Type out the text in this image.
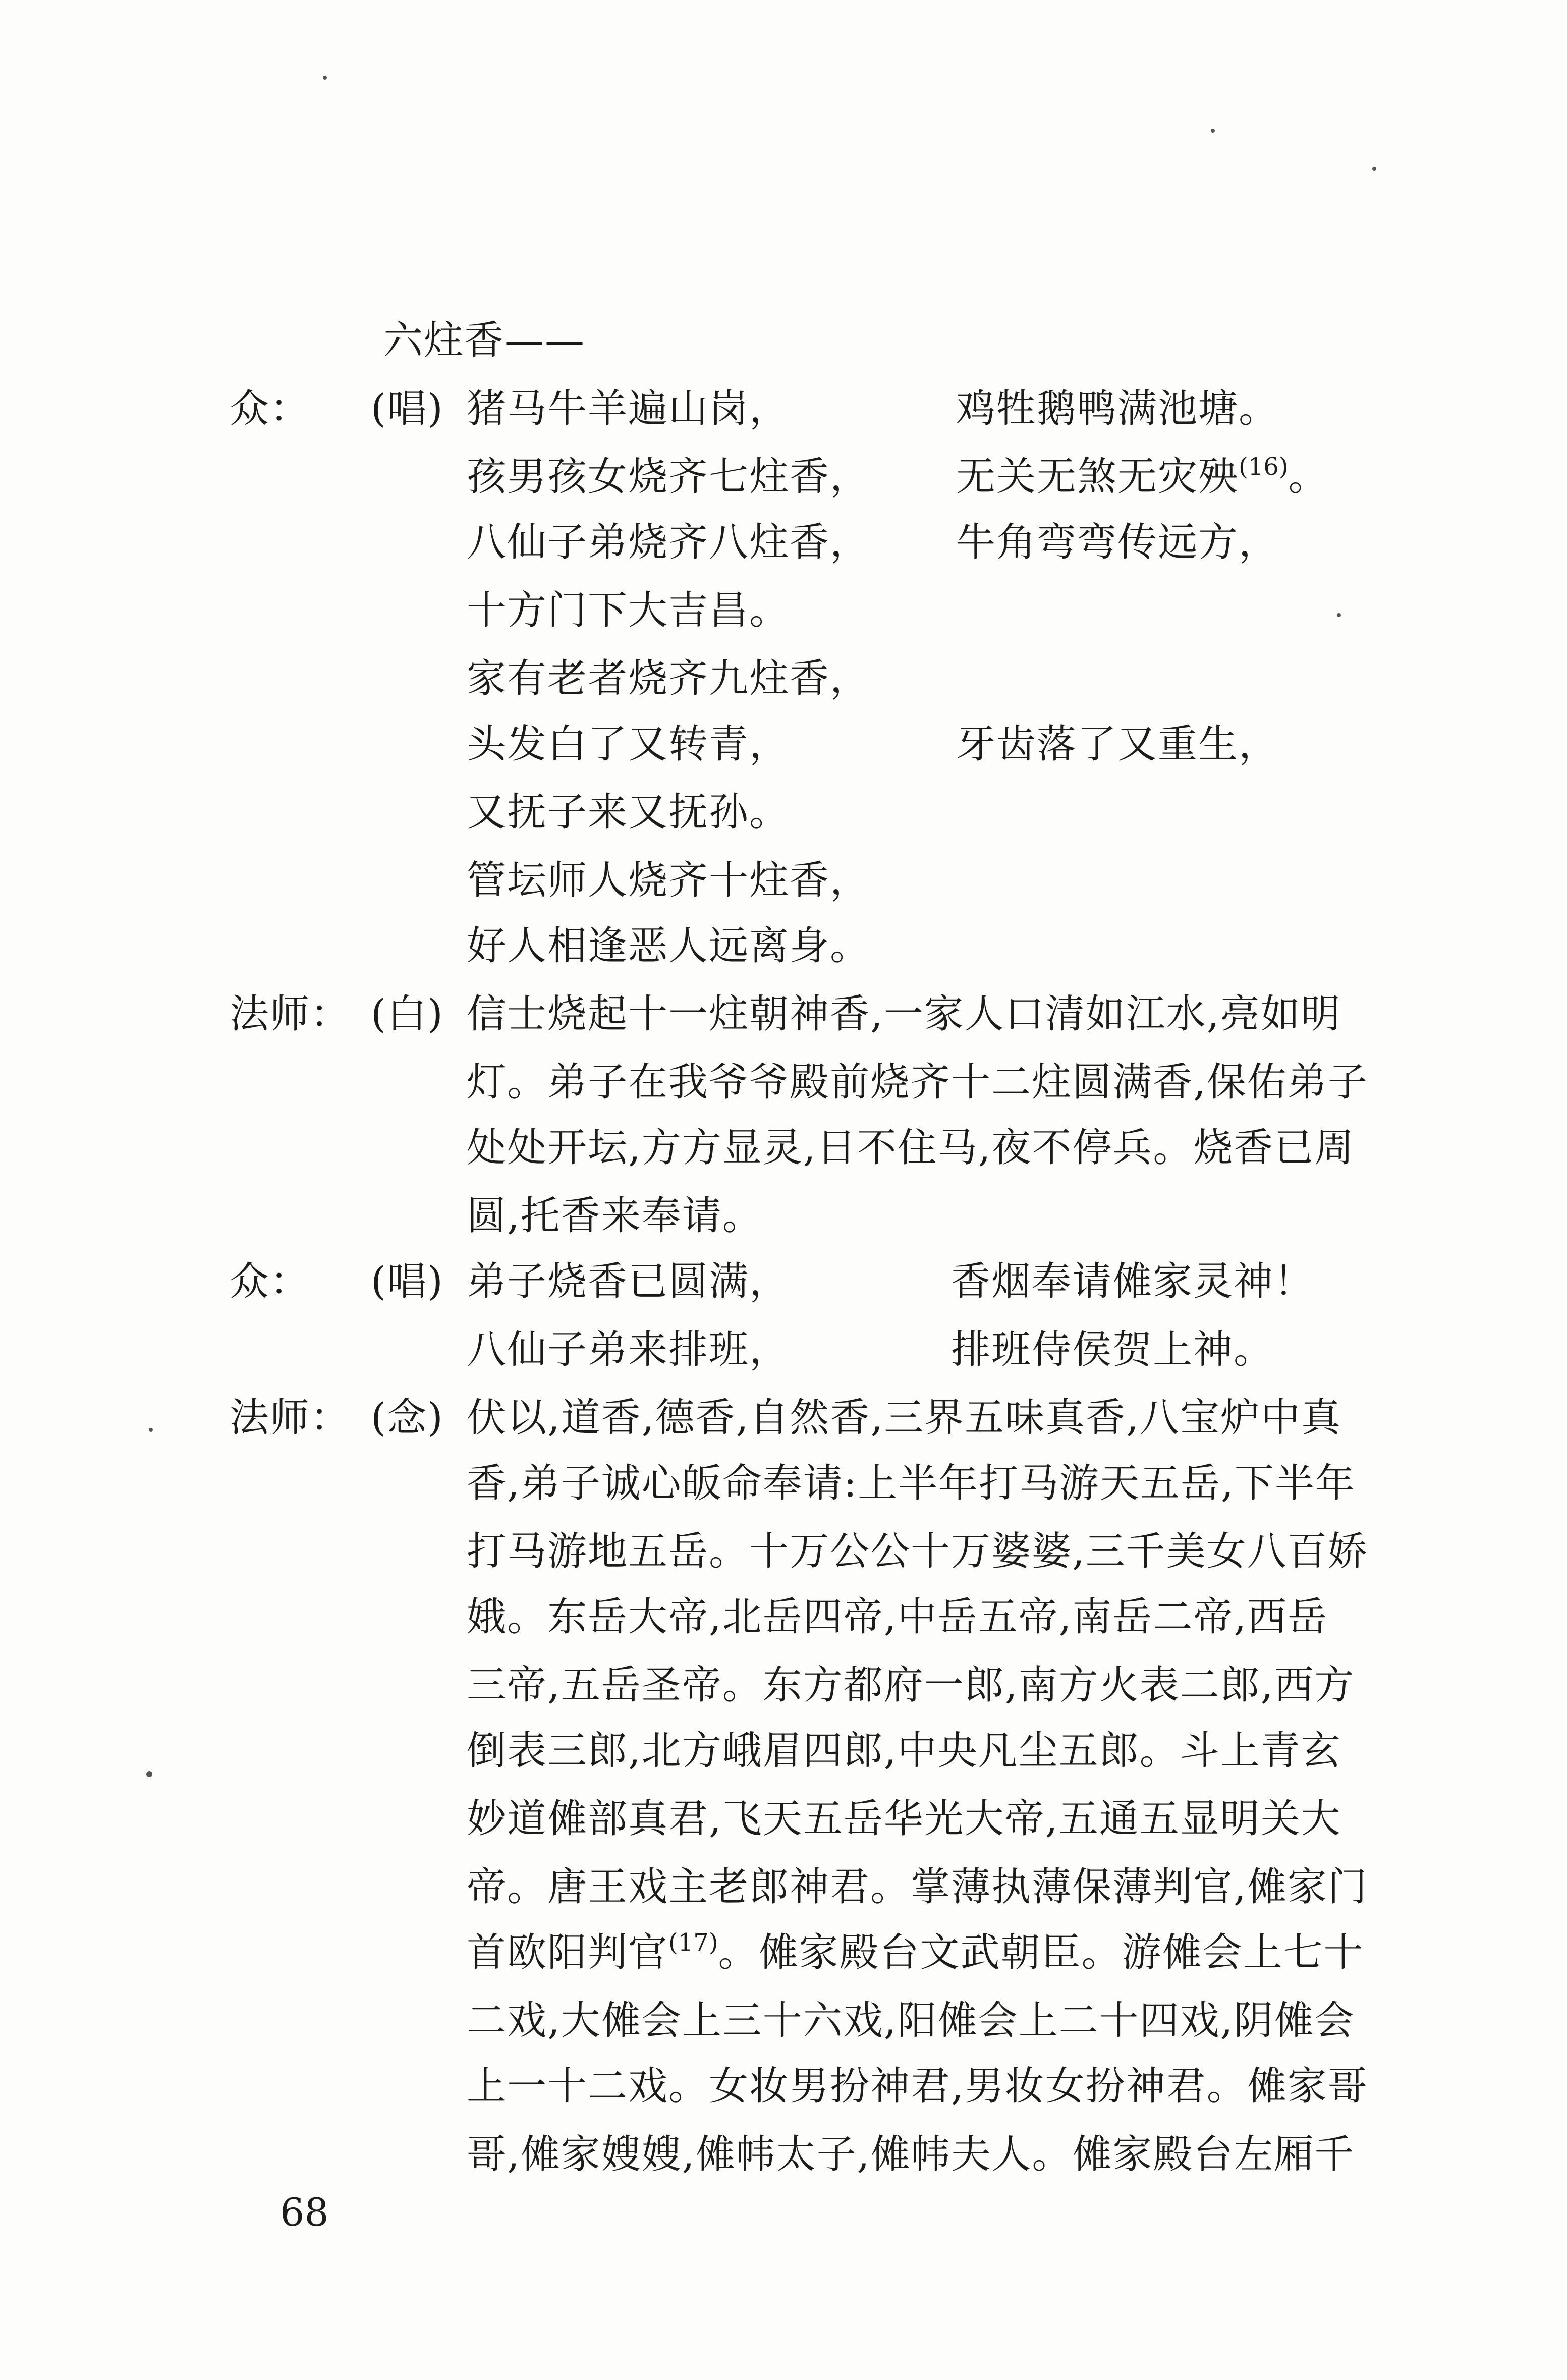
六炷香——
众： (唱) 猪马牛羊遍山岗，	鸡牲鹅鸭满池塘。
孩男孩女烧齐七炷香， 无关无煞无灾殃$^{(16)}$。
八仙子弟烧齐八炷香， 牛角弯弯传远方，
十方门下大吉昌。
家有老者烧齐九炷香，
头发白了又转青，	牙齿落了又重生，
又抚子来又抚孙。
管坛师人烧齐十炷香，
好人相逢恶人远离身。
法师： (白) 信士烧起十一炷朝神香,一家人口清如江水,亮如明
灯。弟子在我爷爷殿前烧齐十二炷圆满香,保佑弟子
处处开坛,方方显灵,日不住马,夜不停兵。烧香已周
圆,托香来奉请。
众： (唱) 弟子烧香已圆满，	香烟奉请傩家灵神！
八仙子弟来排班，	排班侍侯贺上神。
法师： (念) 伏以,道香,德香,自然香,三界五味真香,八宝炉中真
香,弟子诚心皈命奉请:上半年打马游天五岳,下半年
打马游地五岳。十万公公十万婆婆,三千美女八百娇
娥。东岳大帝,北岳四帝,中岳五帝,南岳二帝,西岳
三帝,五岳圣帝。东方都府一郎,南方火表二郎,西方
倒表三郎,北方峨眉四郎,中央凡尘五郎。斗上青玄
妙道傩部真君,飞天五岳华光大帝,五通五显明关大
帝。唐王戏主老郎神君。掌薄执薄保薄判官,傩家门
首欧阳判官$^{(17)}$。傩家殿台文武朝臣。游傩会上七十
二戏,大傩会上三十六戏,阳傩会上二十四戏,阴傩会
上一十二戏。女妆男扮神君,男妆女扮神君。傩家哥
哥,傩家嫂嫂,傩帏太子,傩帏夫人。傩家殿台左厢千
68
